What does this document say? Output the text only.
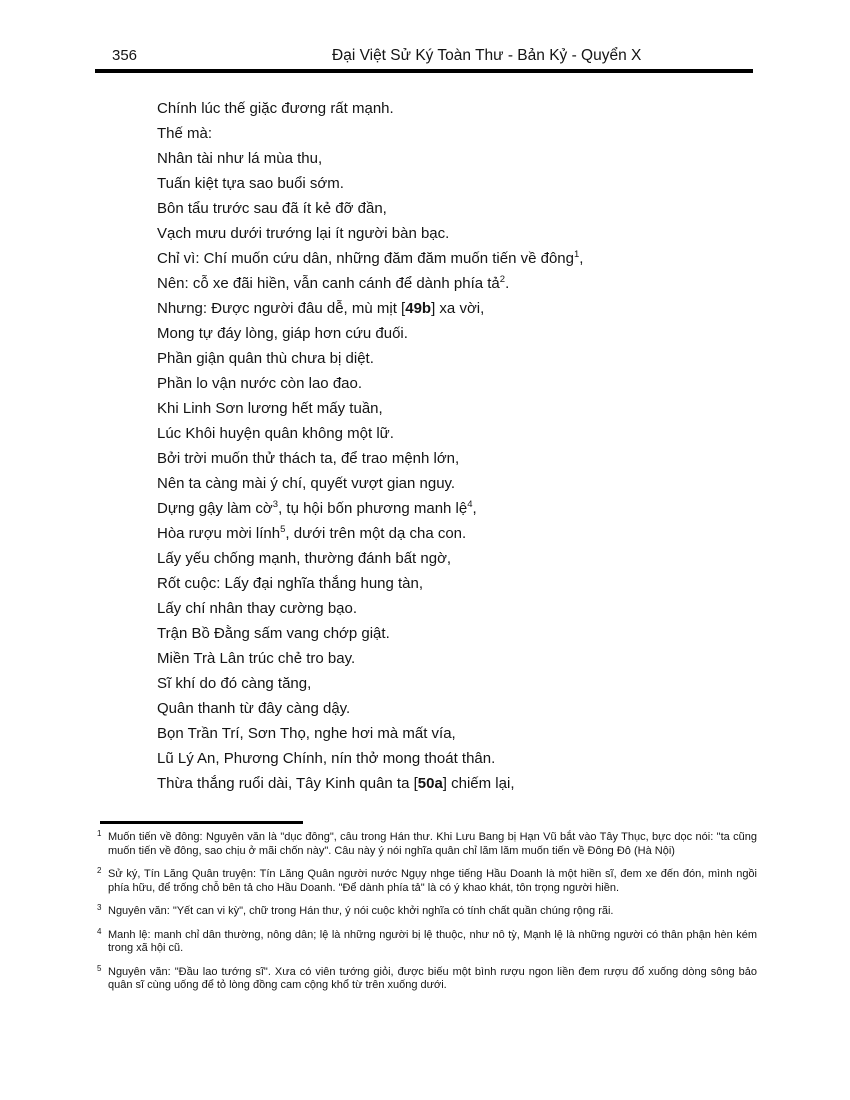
356	Đại Việt Sử Ký Toàn Thư - Bản Kỷ - Quyển X
Chính lúc thế giặc đương rất mạnh.
Thế mà:
Nhân tài như lá mùa thu,
Tuấn kiệt tựa sao buổi sớm.
Bôn tẩu trước sau đã ít kẻ đỡ đần,
Vạch mưu dưới trướng lại ít người bàn bạc.
Chỉ vì: Chí muốn cứu dân, những đăm đăm muốn tiến về đông$^1$,
Nên: cỗ xe đãi hiền, vẫn canh cánh để dành phía tả$^2$.
Nhưng: Được người đâu dễ, mù mịt [49b] xa vời,
Mong tự đáy lòng, giáp hơn cứu đuối.
Phần giận quân thù chưa bị diệt.
Phần lo vận nước còn lao đao.
Khi Linh Sơn lương hết mấy tuần,
Lúc Khôi huyện quân không một lữ.
Bởi trời muốn thử thách ta, để trao mệnh lớn,
Nên ta càng mài ý chí, quyết vượt gian nguy.
Dựng gậy làm cờ$^3$, tụ hội bốn phương manh lệ$^4$,
Hòa rượu mời lính$^5$, dưới trên một dạ cha con.
Lấy yếu chống mạnh, thường đánh bất ngờ,
Rốt cuộc: Lấy đại nghĩa thắng hung tàn,
Lấy chí nhân thay cường bạo.
Trận Bồ Đằng sấm vang chớp giật.
Miền Trà Lân trúc chẻ tro bay.
Sĩ khí do đó càng tăng,
Quân thanh từ đây càng dậy.
Bọn Trần Trí, Sơn Thọ, nghe hơi mà mất vía,
Lũ Lý An, Phương Chính, nín thở mong thoát thân.
Thừa thắng ruổi dài, Tây Kinh quân ta [50a] chiếm lại,
1 Muốn tiến về đông: Nguyên văn là "dục đông", câu trong Hán thư. Khi Lưu Bang bị Hạn Vũ bắt vào Tây Thục, bực dọc nói: "ta cũng muốn tiến về đông, sao chịu ở mãi chốn này". Câu này ý nói nghĩa quân chỉ lăm lăm muốn tiến về Đông Đô (Hà Nội)
2 Sử ký, Tín Lăng Quân truyện: Tín Lăng Quân người nước Ngụy nhge tiếng Hầu Doanh là một hiền sĩ, đem xe đến đón, mình ngồi phía hữu, để trống chỗ bên tả cho Hầu Doanh. "Để dành phía tả" là có ý khao khát, tôn trọng người hiền.
3 Nguyên văn: "Yết can vi kỳ", chữ trong Hán thư, ý nói cuộc khởi nghĩa có tính chất quần chúng rộng rãi.
4 Manh lệ: manh chỉ dân thường, nông dân; lệ là những người bị lệ thuộc, như nô tỳ, Mạnh lệ là những người có thân phận hèn kém trong xã hội cũ.
5 Nguyên văn: "Đầu lao tướng sĩ". Xưa có viên tướng giỏi, được biếu một bình rượu ngon liền đem rượu đổ xuống dòng sông bảo quân sĩ cùng uống để tỏ lòng đồng cam cộng khổ từ trên xuống dưới.
